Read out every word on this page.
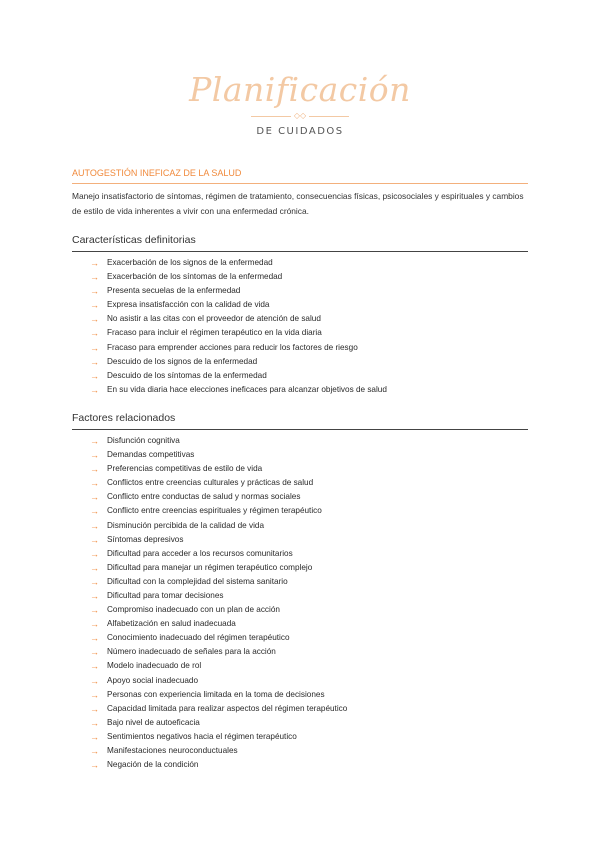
Planificación
◇◇
DE CUIDADOS
AUTOGESTIÓN INEFICAZ DE LA SALUD
Manejo insatisfactorio de síntomas, régimen de tratamiento, consecuencias físicas, psicosociales y espirituales y cambios de estilo de vida inherentes a vivir con una enfermedad crónica.
Características definitorias
→ Exacerbación de los signos de la enfermedad
→ Exacerbación de los síntomas de la enfermedad
→ Presenta secuelas de la enfermedad
→ Expresa insatisfacción con la calidad de vida
→ No asistir a las citas con el proveedor de atención de salud
→ Fracaso para incluir el régimen terapéutico en la vida diaria
→ Fracaso para emprender acciones para reducir los factores de riesgo
→ Descuido de los signos de la enfermedad
→ Descuido de los síntomas de la enfermedad
→ En su vida diaria hace elecciones ineficaces para alcanzar objetivos de salud
Factores relacionados
→ Disfunción cognitiva
→ Demandas competitivas
→ Preferencias competitivas de estilo de vida
→ Conflictos entre creencias culturales y prácticas de salud
→ Conflicto entre conductas de salud y normas sociales
→ Conflicto entre creencias espirituales y régimen terapéutico
→ Disminución percibida de la calidad de vida
→ Síntomas depresivos
→ Dificultad para acceder a los recursos comunitarios
→ Dificultad para manejar un régimen terapéutico complejo
→ Dificultad con la complejidad del sistema sanitario
→ Dificultad para tomar decisiones
→ Compromiso inadecuado con un plan de acción
→ Alfabetización en salud inadecuada
→ Conocimiento inadecuado del régimen terapéutico
→ Número inadecuado de señales para la acción
→ Modelo inadecuado de rol
→ Apoyo social inadecuado
→ Personas con experiencia limitada en la toma de decisiones
→ Capacidad limitada para realizar aspectos del régimen terapéutico
→ Bajo nivel de autoeficacia
→ Sentimientos negativos hacia el régimen terapéutico
→ Manifestaciones neuroconductuales
→ Negación de la condición
